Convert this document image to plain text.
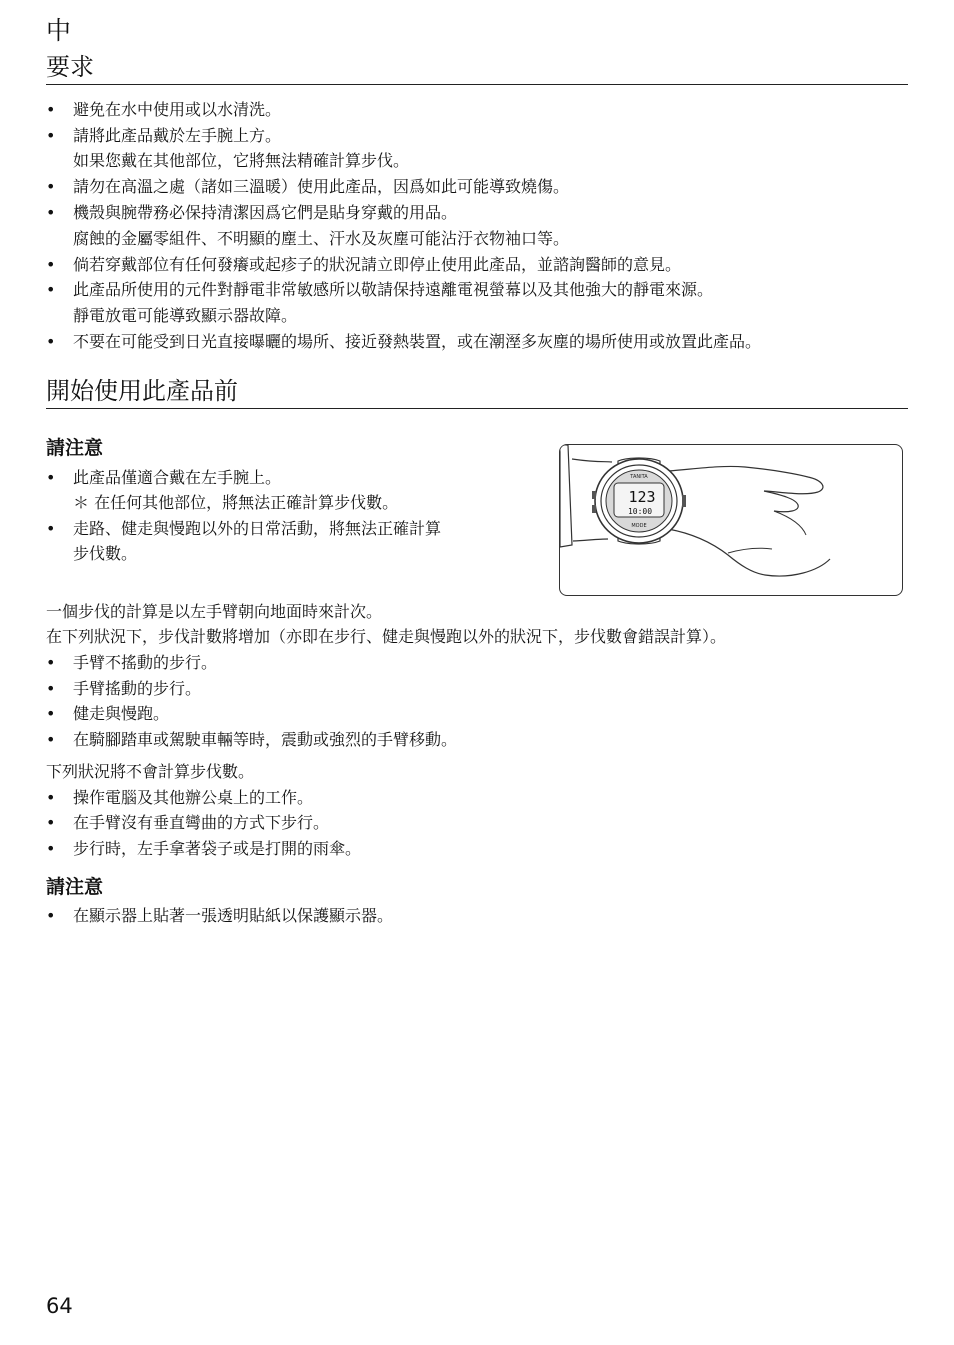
中
要求
• 避免在水中使用或以水清洗。
• 請將此產品戴於左手腕上方。
如果您戴在其他部位，它將無法精確計算步伐。
• 請勿在高溫之處（諸如三溫暖）使用此產品，因爲如此可能導致燒傷。
• 機殼與腕帶務必保持清潔因爲它們是貼身穿戴的用品。
腐蝕的金屬零組件、不明顯的塵土、汗水及灰塵可能沾汙衣物袖口等。
• 倘若穿戴部位有任何發癢或起疹子的狀況請立即停止使用此產品，並諮詢醫師的意見。
• 此產品所使用的元件對靜電非常敏感所以敬請保持遠離電視螢幕以及其他強大的靜電來源。
靜電放電可能導致顯示器故障。
• 不要在可能受到日光直接曝曬的場所、接近發熱裝置，或在潮溼多灰塵的場所使用或放置此產品。
開始使用此產品前
請注意
• 此產品僅適合戴在左手腕上。
＊ 在任何其他部位，將無法正確計算步伐數。
• 走路、健走與慢跑以外的日常活動，將無法正確計算
步伐數。
TANITA
123
10:00
MODE
一個步伐的計算是以左手臂朝向地面時來計次。
在下列狀況下，步伐計數將增加（亦即在步行、健走與慢跑以外的狀況下，步伐數會錯誤計算）。
• 手臂不搖動的步行。
• 手臂搖動的步行。
• 健走與慢跑。
• 在騎腳踏車或駕駛車輛等時，震動或強烈的手臂移動。
下列狀況將不會計算步伐數。
• 操作電腦及其他辦公桌上的工作。
• 在手臂沒有垂直彎曲的方式下步行。
• 步行時，左手拿著袋子或是打開的雨傘。
請注意
• 在顯示器上貼著一張透明貼紙以保護顯示器。
64
